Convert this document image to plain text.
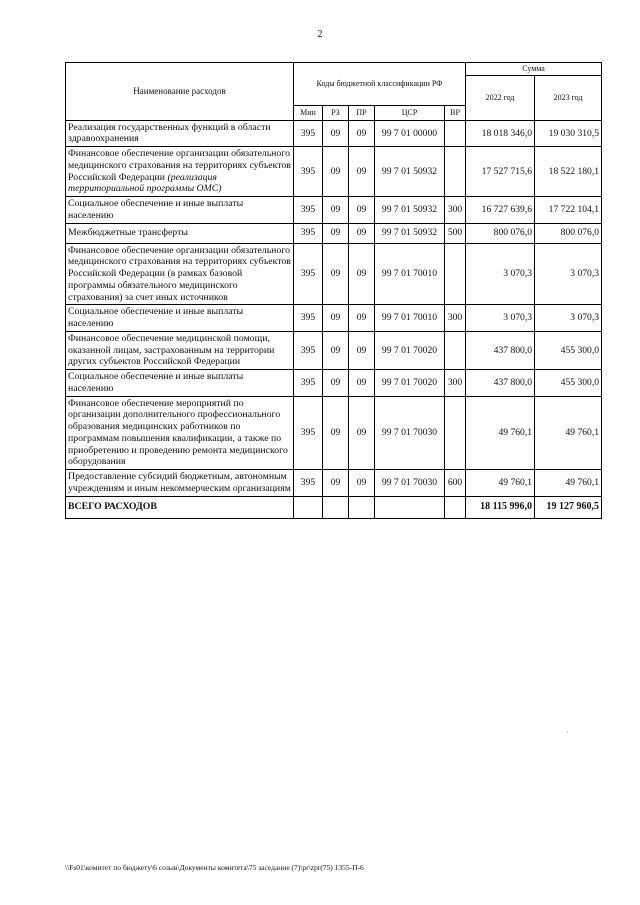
2
Наименование расходов	Коды бюджетной классификации РФ					Сумма	
						2022 год	2023 год
	Мин	РЗ	ПР	ЦСР	ВР		
Реализация государственных функций в области здравоохранения	395	09	09	99 7 01 00000		18 018 346,0	19 030 310,5
Финансовое обеспечение организации обязательного медицинского страхования на территориях субъектов Российской Федерации (реализация территориальной программы ОМС)	395	09	09	99 7 01 50932		17 527 715,6	18 522 180,1
Социальное обеспечение и иные выплаты населению	395	09	09	99 7 01 50932	300	16 727 639,6	17 722 104,1
Межбюджетные трансферты	395	09	09	99 7 01 50932	500	800 076,0	800 076,0
Финансовое обеспечение организации обязательного медицинского страхования на территориях субъектов Российской Федерации (в рамках базовой программы обязательного медицинского страхования) за счет иных источников	395	09	09	99 7 01 70010		3 070,3	3 070,3
Социальное обеспечение и иные выплаты населению	395	09	09	99 7 01 70010	300	3 070,3	3 070,3
Финансовое обеспечение медицинской помощи, оказанной лицам, застрахованным на территории других субъектов Российской Федерации	395	09	09	99 7 01 70020		437 800,0	455 300,0
Социальное обеспечение и иные выплаты населению	395	09	09	99 7 01 70020	300	437 800,0	455 300,0
Финансовое обеспечение мероприятий по организации дополнительного профессионального образования медицинских работников по программам повышения квалификации, а также по приобретению и проведению ремонта медицинского оборудования	395	09	09	99 7 01 70030		49 760,1	49 760,1
Предоставление субсидий бюджетным, автономным учреждениям и иным некоммерческим организациям	395	09	09	99 7 01 70030	600	49 760,1	49 760,1
ВСЕГО РАСХОДОВ						18 115 996,0	19 127 960,5
·
\\Fs01\комитет по бюджету\6 созыв\Документы комитета\75 заседание (7)\pr\zpr(75) 1355-П-6
